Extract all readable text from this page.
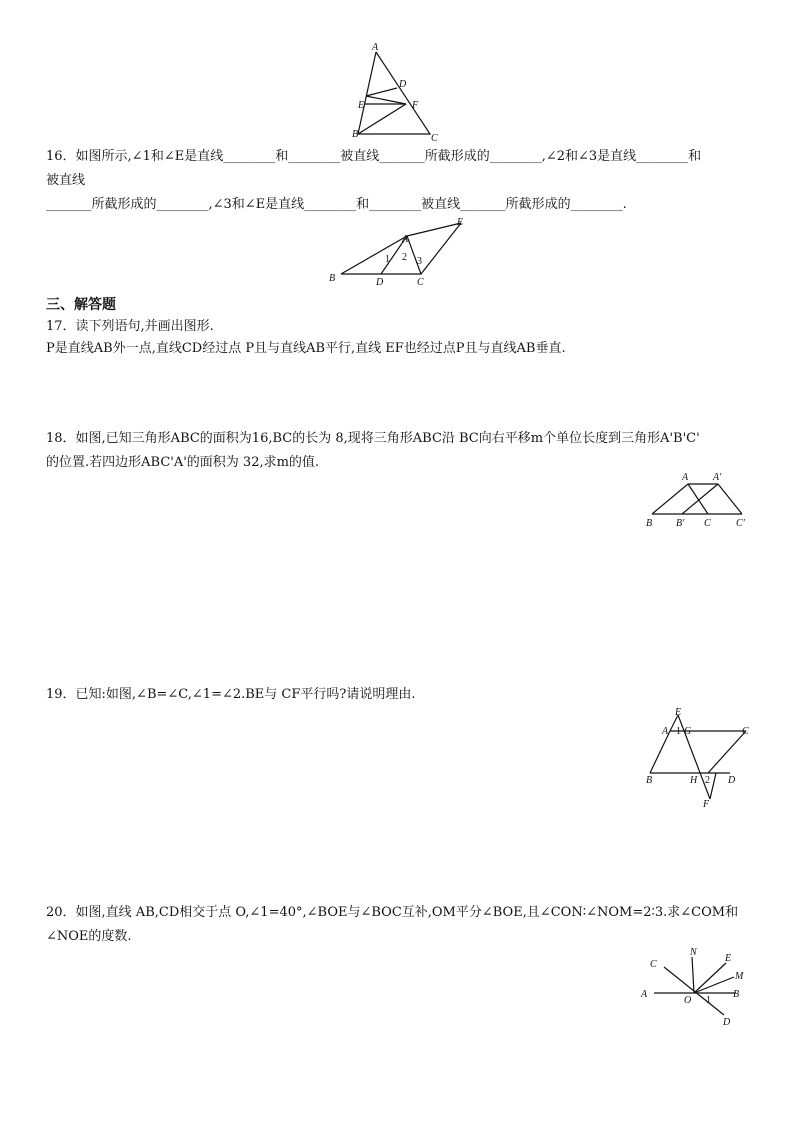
A
D
E	F
B	C
16．如图所示,∠1和∠E是直线________和________被直线_______所截形成的________,∠2和∠3是直线________和
被直线
_______所截形成的________,∠3和∠E是直线________和________被直线_______所截形成的________.
E
A
1 2 3
B	D	C
三、解答题
17．读下列语句,并画出图形.
P是直线AB外一点,直线CD经过点 P且与直线AB平行,直线 EF也经过点P且与直线AB垂直.
18．如图,已知三角形ABC的面积为16,BC的长为 8,现将三角形ABC沿 BC向右平移m个单位长度到三角形A'B'C'
的位置.若四边形ABC'A'的面积为 32,求m的值.
A A'
B B' C	C'
19．已知:如图,∠B=∠C,∠1=∠2.BE与 CF平行吗?请说明理由.
E
A 1 G	C
B	H 2 D
F
20．如图,直线 AB,CD相交于点 O,∠1=40°,∠BOE与∠BOC互补,OM平分∠BOE,且∠CON∶∠NOM=2∶3.求∠COM和
∠NOE的度数.
N
E
C
M
A
O 1
B
D
